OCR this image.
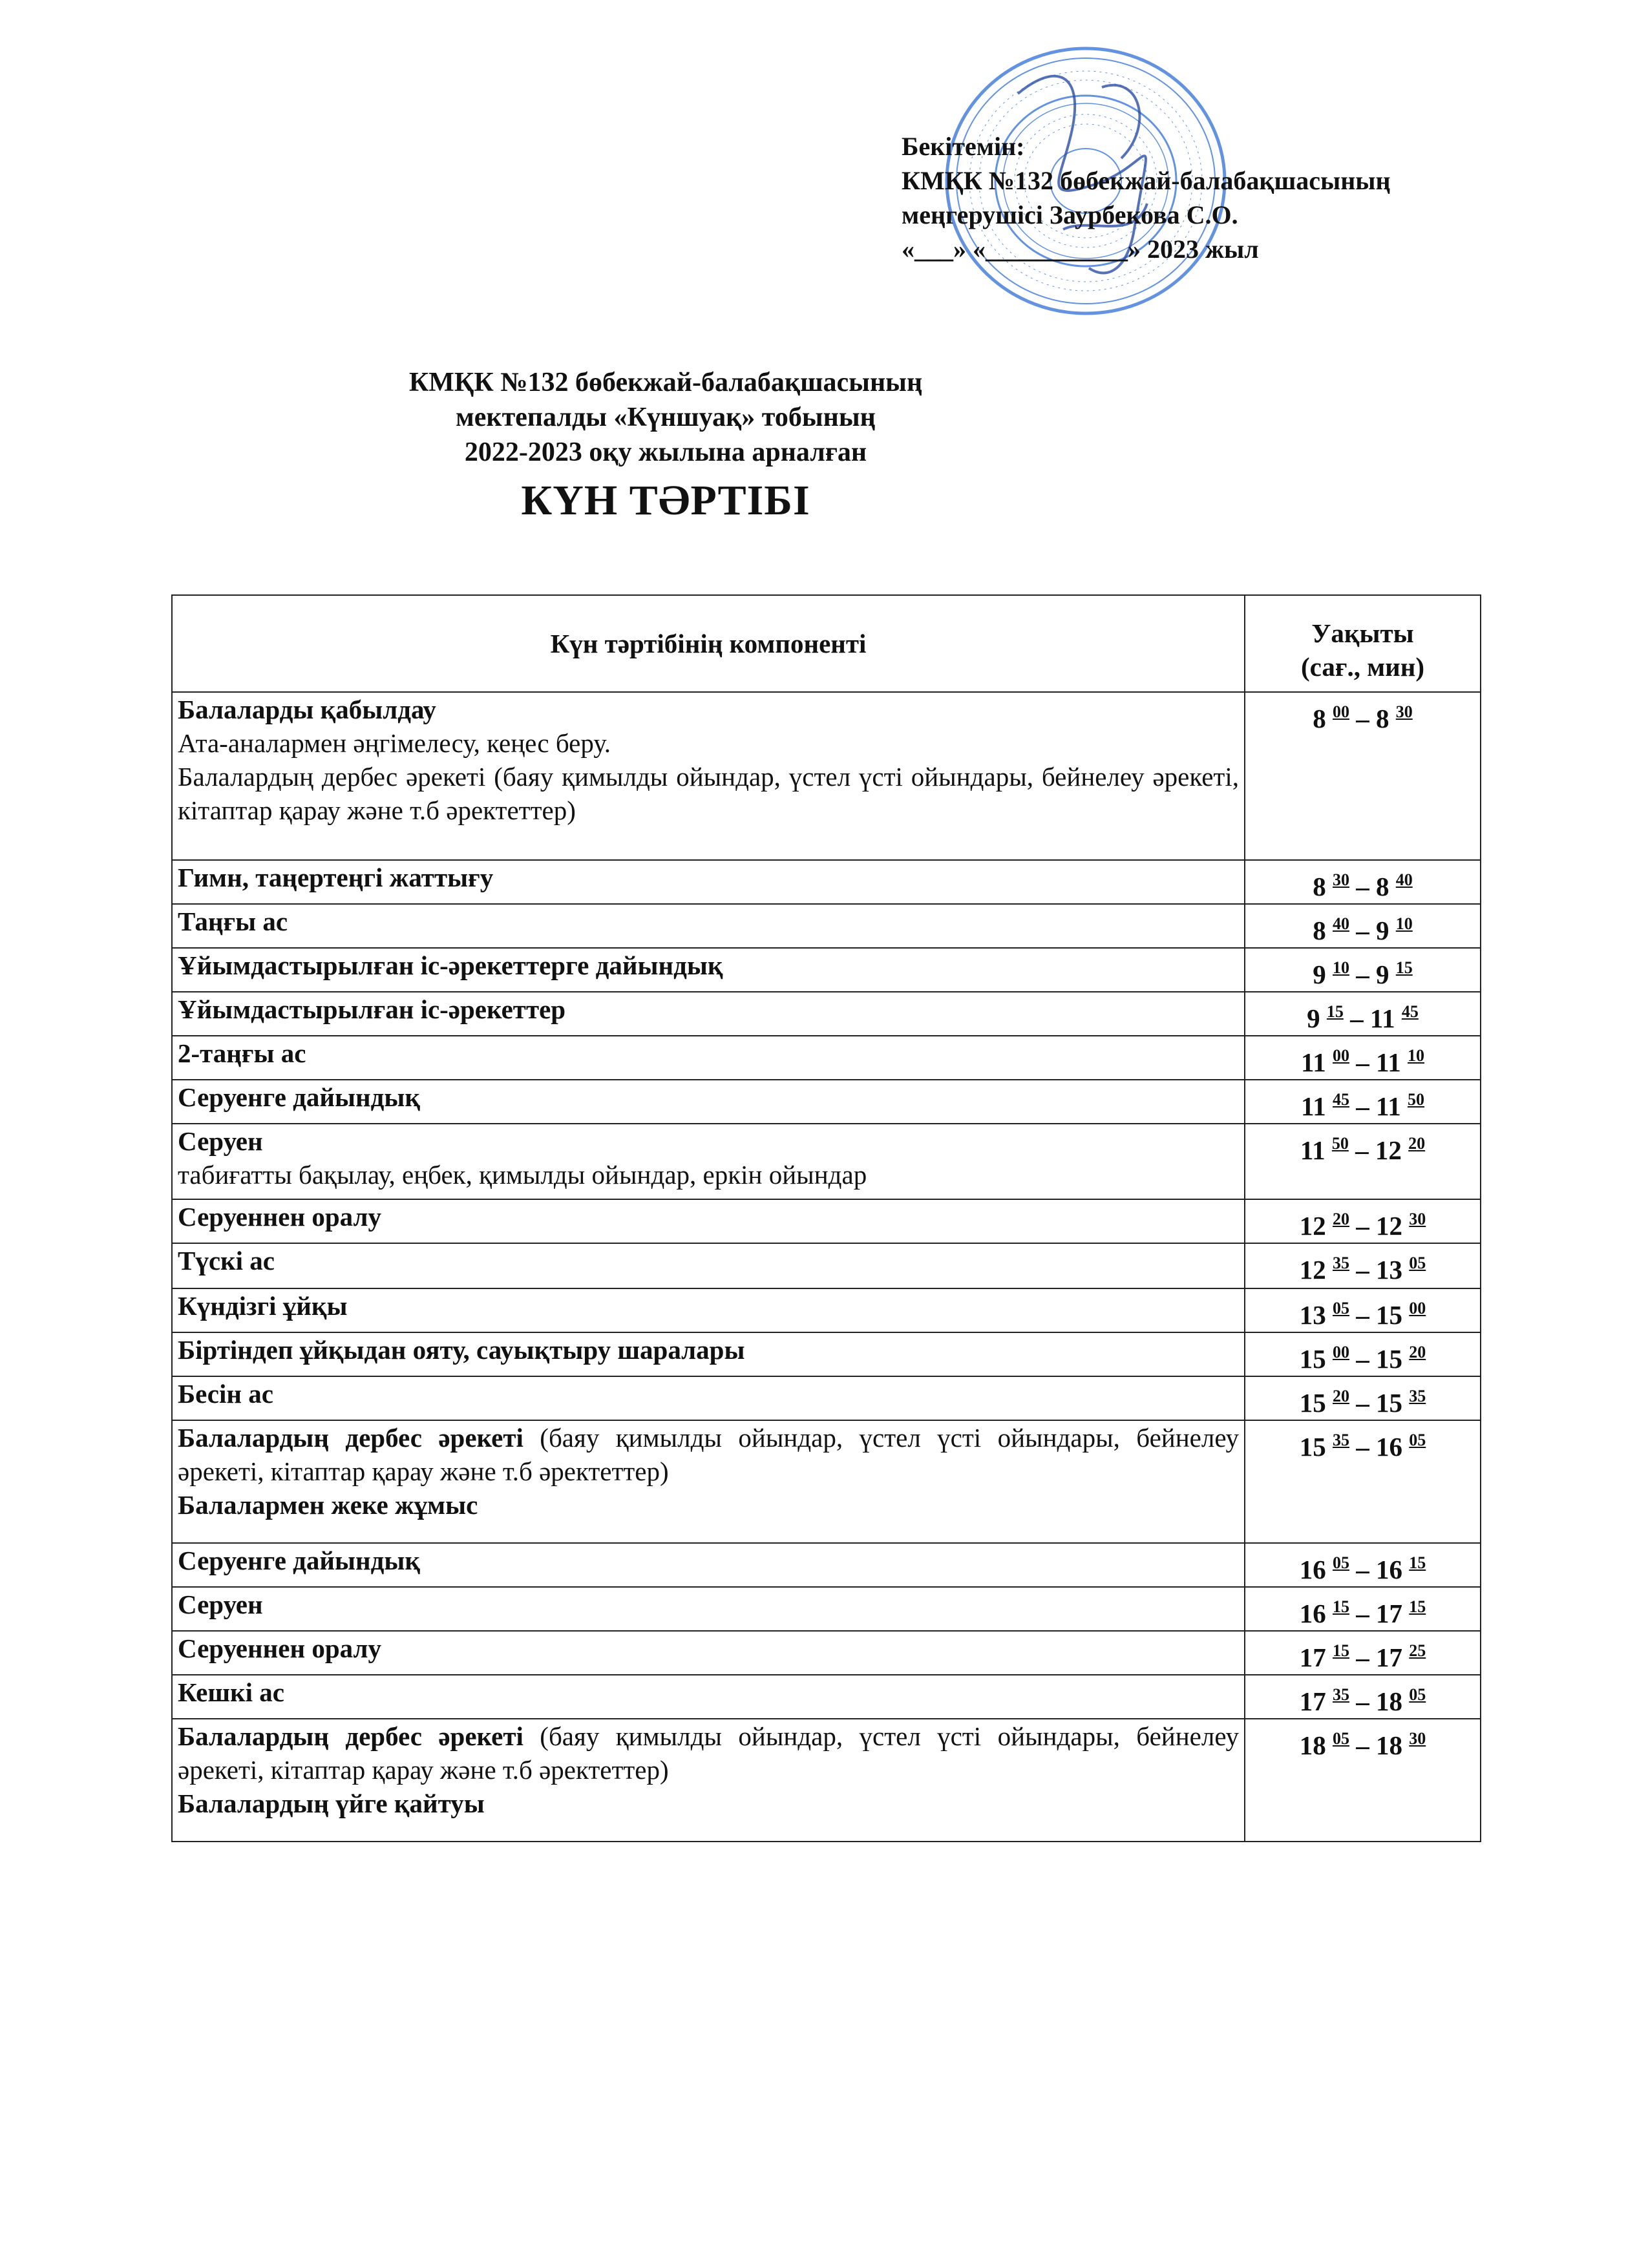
Бекітемін:
КМҚК №132 бөбекжай-балабақшасының
меңгерушісі Заурбекова С.О.
«___» «___________» 2023 жыл
КМҚК №132 бөбекжай-балабақшасының
мектепалды «Күншуақ» тобының
2022-2023 оқу жылына арналған
КҮН ТӘРТІБІ
Күн тәртібінің компоненті	Уақыты
(сағ., мин)

Балаларды қабылдау
Ата-аналармен әңгімелесу, кеңес беру.
Балалардың дербес әрекеті (баяу қимылды ойындар, үстел үсті ойындары, бейнелеу әрекеті, кітаптар қарау және т.б әректеттер)	8 $^{00}$ – 8 $^{30}$

Гимн, таңертеңгі жаттығу	8 $^{30}$ – 8 $^{40}$

Таңғы ас	8 $^{40}$ – 9 $^{10}$

Ұйымдастырылған іс-әрекеттерге дайындық	9 $^{10}$ – 9 $^{15}$

Ұйымдастырылған іс-әрекеттер	9 $^{15}$ – 11 $^{45}$

2-таңғы ас	11 $^{00}$ – 11 $^{10}$

Серуенге дайындық	11 $^{45}$ – 11 $^{50}$

Серуен
табиғатты бақылау, еңбек, қимылды ойындар, еркін ойындар	11 $^{50}$ – 12 $^{20}$

Серуеннен оралу	12 $^{20}$ – 12 $^{30}$

Түскі ас	12 $^{35}$ – 13 $^{05}$

Күндізгі ұйқы	13 $^{05}$ – 15 $^{00}$

Біртіндеп ұйқыдан ояту, сауықтыру шаралары	15 $^{00}$ – 15 $^{20}$

Бесін ас	15 $^{20}$ – 15 $^{35}$

Балалардың дербес әрекеті (баяу қимылды ойындар, үстел үсті ойындары, бейнелеу әрекеті, кітаптар қарау және т.б әректеттер)
Балалармен жеке жұмыс	15 $^{35}$ – 16 $^{05}$

Серуенге дайындық	16 $^{05}$ – 16 $^{15}$

Серуен	16 $^{15}$ – 17 $^{15}$

Серуеннен оралу	17 $^{15}$ – 17 $^{25}$

Кешкі ас	17 $^{35}$ – 18 $^{05}$

Балалардың дербес әрекеті (баяу қимылды ойындар, үстел үсті ойындары, бейнелеу әрекеті, кітаптар қарау және т.б әректеттер)
Балалардың үйге қайтуы	18 $^{05}$ – 18 $^{30}$
